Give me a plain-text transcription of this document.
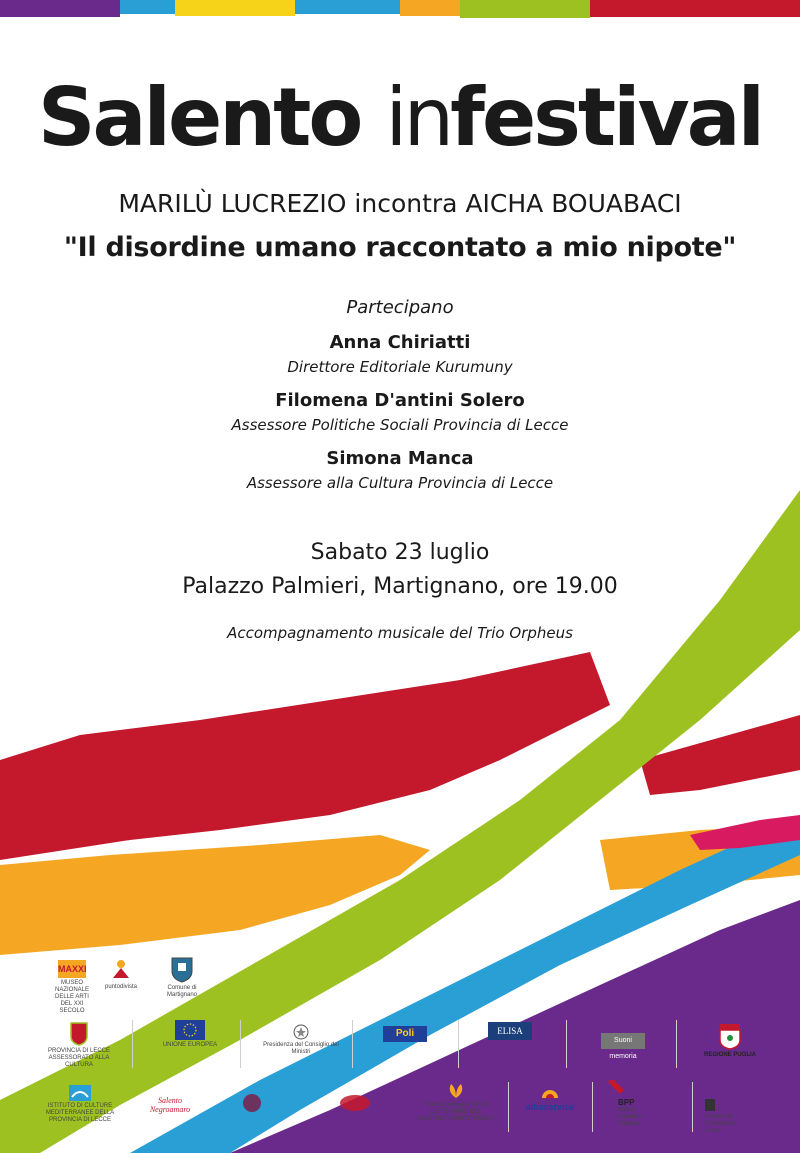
Salento infestival
MARILÙ LUCREZIO incontra AICHA BOUABACI
"Il disordine umano raccontato a mio nipote"
Partecipano
Anna Chiriatti
Direttore Editoriale Kurumuny
Filomena D'antini Solero
Assessore Politiche Sociali Provincia di Lecce
Simona Manca
Assessore alla Cultura Provincia di Lecce
Sabato 23 luglio
Palazzo Palmieri, Martignano, ore 19.00
Accompagnamento musicale del Trio Orpheus
MAXXI
MUSEO NAZIONALE DELLE ARTI DEL XXI SECOLO
puntodivista	Comune di Martignano
PROVINCIA DI LECCE ASSESSORATO ALLA CULTURA
UNIONE EUROPEA	Presidenza del Consiglio dei Ministri
Poli	ELISA
Suoni memoria	REGIONE PUGLIA
ISTITUTO DI CULTURE MEDITERRANEE DELLA PROVINCIA DI LECCE
Salento Negroamaro	I Parchi Letterari PARCO LETTERARIO DEL SALENTO "QUINTO ENNIO"
albaservice	BPP
Banca Popolare Pugliese
Camera di Commercio Lecce
